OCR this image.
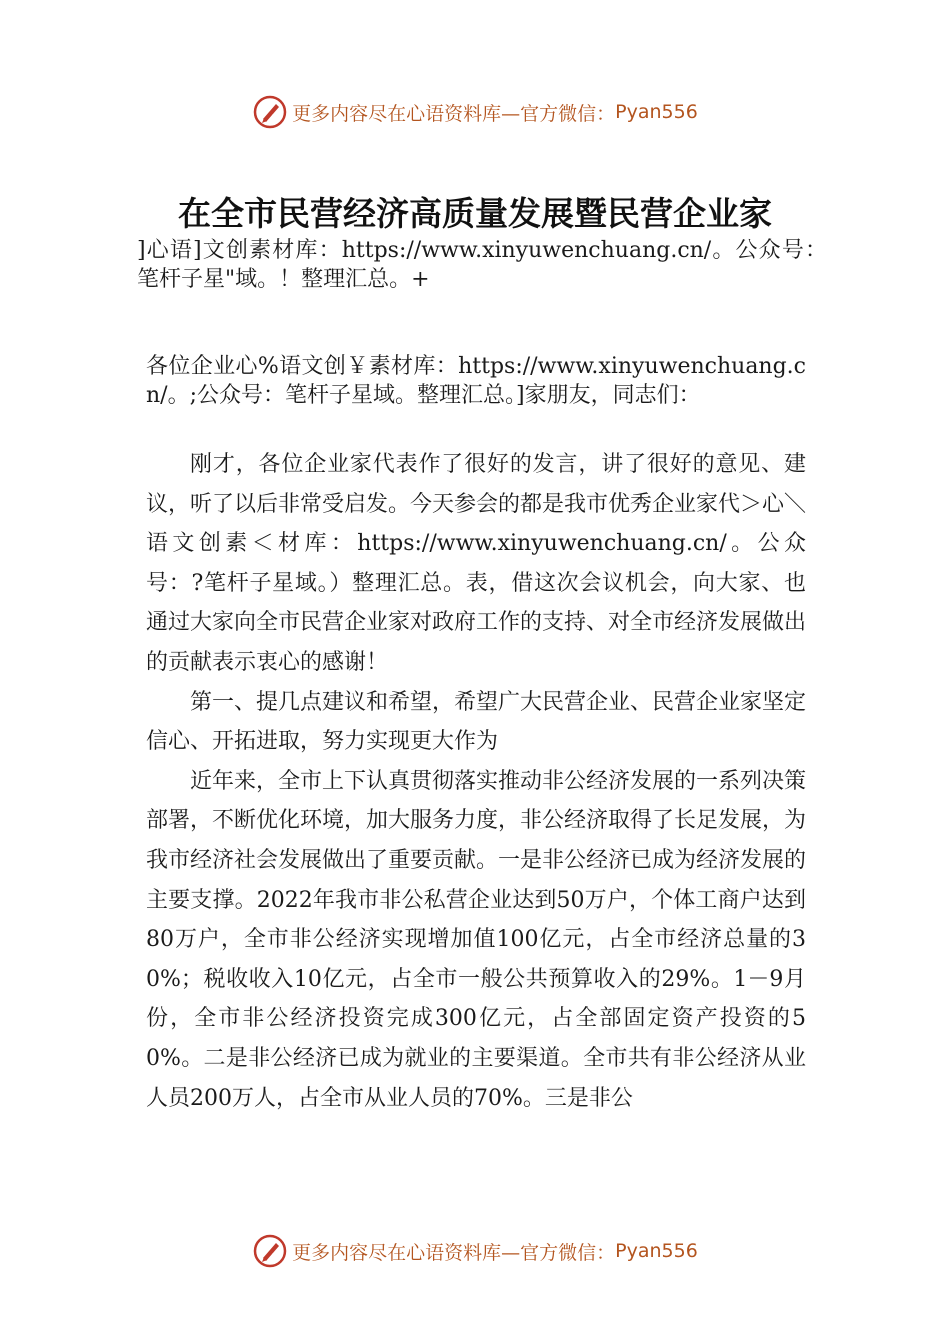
更多内容尽在心语资料库—官方微信： Pyan556
在全市民营经济高质量发展暨民营企业家
]心语]文创素材库：https://www.xinyuwenchuang.cn/。公众号：笔杆子星"域。！整理汇总。+
各位企业心%语文创￥素材库：https://www.xinyuwenchuang.cn/。;公众号：笔杆子星域。整理汇总。]家朋友，同志们：

刚才，各位企业家代表作了很好的发言，讲了很好的意见、建议，听了以后非常受启发。今天参会的都是我市优秀企业家代＞心＼语文创素＜材库：https://www.xinyuwenchuang.cn/。公众号：?笔杆子星域。）整理汇总。表，借这次会议机会，向大家、也通过大家向全市民营企业家对政府工作的支持、对全市经济发展做出的贡献表示衷心的感谢！

第一、提几点建议和希望，希望广大民营企业、民营企业家坚定信心、开拓进取，努力实现更大作为

近年来，全市上下认真贯彻落实推动非公经济发展的一系列决策部署，不断优化环境，加大服务力度，非公经济取得了长足发展，为我市经济社会发展做出了重要贡献。一是非公经济已成为经济发展的主要支撑。2022年我市非公私营企业达到50万户，个体工商户达到80万户，全市非公经济实现增加值100亿元，占全市经济总量的30%；税收收入10亿元，占全市一般公共预算收入的29%。1－9月份，全市非公经济投资完成300亿元，占全部固定资产投资的50%。二是非公经济已成为就业的主要渠道。全市共有非公经济从业人员200万人，占全市从业人员的70%。三是非公

更多内容尽在心语资料库—官方微信： Pyan556
